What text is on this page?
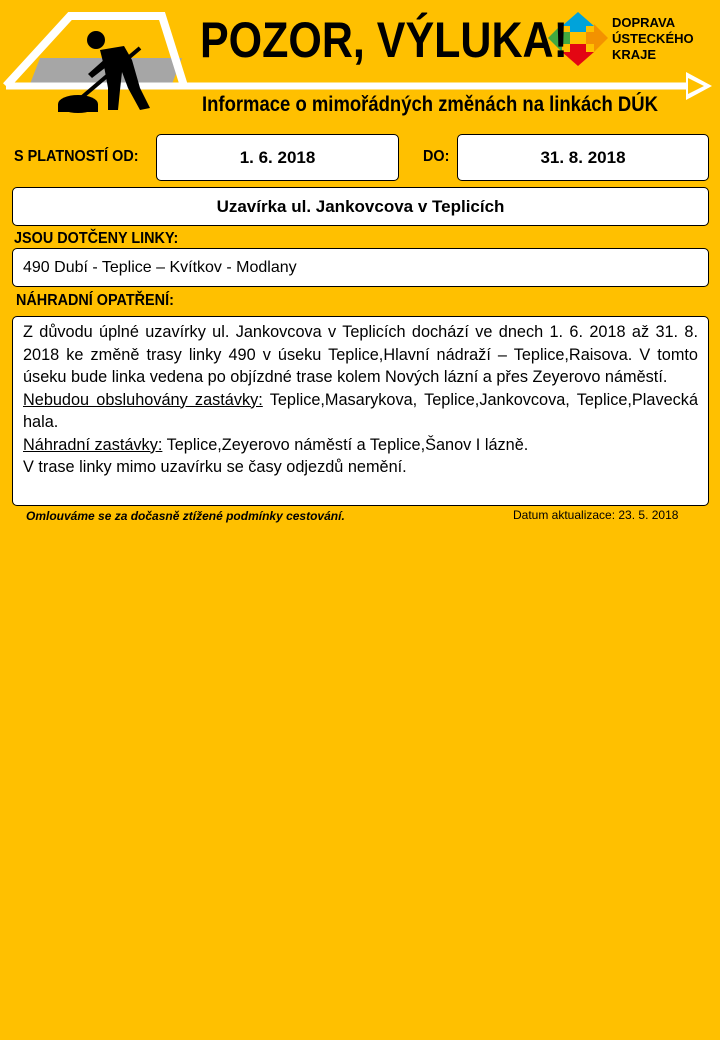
POZOR, VÝLUKA!
Informace o mimořádných změnách na linkách DÚK
DOPRAVA
ÚSTECKÉHO
KRAJE
S PLATNOSTÍ OD:	1. 6. 2018	DO:	31. 8. 2018
Uzavírka ul. Jankovcova v Teplicích
JSOU DOTČENY LINKY:
490 Dubí - Teplice – Kvítkov - Modlany
NÁHRADNÍ OPATŘENÍ:

Z důvodu úplné uzavírky ul. Jankovcova v Teplicích dochází ve dnech 1. 6. 2018 až 31. 8. 2018 ke změně trasy linky 490 v úseku Teplice,Hlavní nádraží – Teplice,Raisova. V tomto úseku bude linka vedena po objízdné trase kolem Nových lázní a přes Zeyerovo náměstí.

Nebudou obsluhovány zastávky: Teplice,Masarykova, Teplice,Jankovcova, Teplice,Plavecká hala.

Náhradní zastávky: Teplice,Zeyerovo náměstí a Teplice,Šanov I lázně.

V trase linky mimo uzavírku se časy odjezdů nemění.

Omlouváme se za dočasně ztížené podmínky cestování.	Datum aktualizace: 23. 5. 2018
